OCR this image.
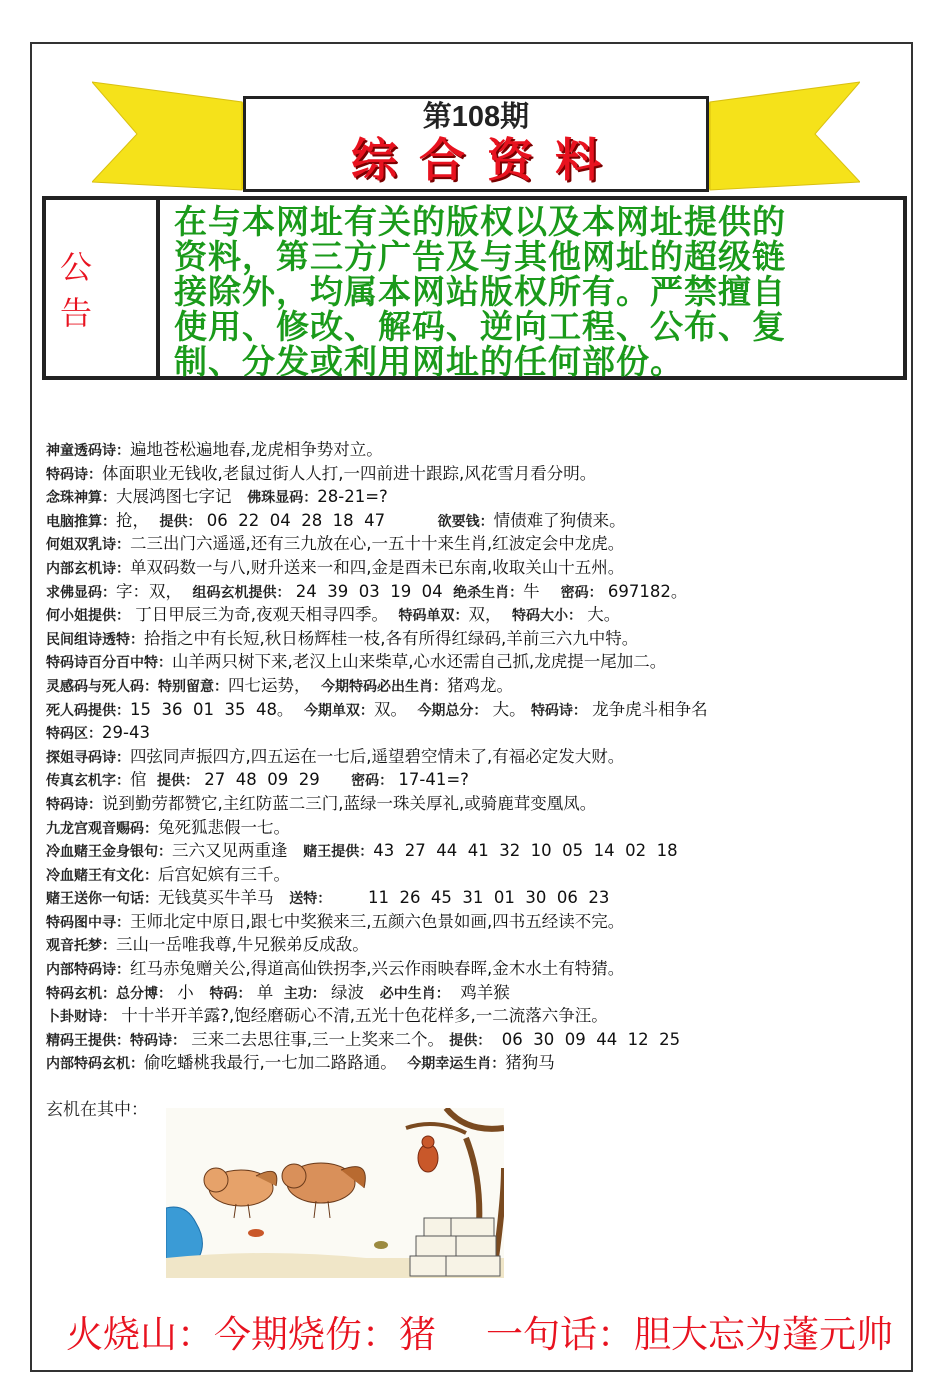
第108期
综合资料
公告
在与本网址有关的版权以及本网址提供的
资料，第三方广告及与其他网址的超级链
接除外，均属本网站版权所有。严禁擅自
使用、修改、解码、逆向工程、公布、复
制、分发或利用网址的任何部份。
神童透码诗：遍地苍松遍地春,龙虎相争势对立。
特码诗：体面职业无钱收,老鼠过街人人打,一四前进十跟踪,风花雪月看分明。
念珠神算：大展鸿图七字记   佛珠显码：28-21=?
电脑推算：抢，  提供： 06  22  04  28  18  47          欲要钱：情债难了狗债来。
何姐双乳诗：二三出门六遥遥,还有三九放在心,一五十十来生肖,红波定会中龙虎。
内部玄机诗：单双码数一与八,财升送来一和四,金是酉未已东南,收取关山十五州。
求佛显码：字：双，  组码玄机提供： 24  39  03  19  04  绝杀生肖：牛    密码： 697182。
何小姐提供： 丁日甲辰三为奇,夜观天相寻四季。  特码单双：双，  特码大小： 大。
民间组诗透特：拾指之中有长短,秋日杨辉桂一枝,各有所得红绿码,羊前三六九中特。
特码诗百分百中特：山羊两只树下来,老汉上山来柴草,心水还需自己抓,龙虎提一尾加二。
灵感码与死人码：特别留意：四七运势，  今期特码必出生肖：猪鸡龙。
死人码提供：15  36  01  35  48。  今期单双：双。  今期总分： 大。 特码诗： 龙争虎斗相争名
特码区：29-43
探姐寻码诗：四弦同声振四方,四五运在一七后,遥望碧空情未了,有福必定发大财。
传真玄机字：倌  提供： 27  48  09  29      密码： 17-41=?
特码诗：说到勤劳都赞它,主红防蓝二三门,蓝绿一珠关厚礼,或骑鹿茸变凰凤。
九龙宫观音赐码：兔死狐悲假一七。
冷血赌王金身银句：三六又见两重逢   赌王提供：43  27  44  41  32  10  05  14  02  18
冷血赌王有文化：后宫妃嫔有三千。
赌王送你一句话：无钱莫买牛羊马   送特：       11  26  45  31  01  30  06  23
特码图中寻：王师北定中原日,跟七中奖猴来三,五颜六色景如画,四书五经读不完。
观音托梦：三山一岳唯我尊,牛兄猴弟反成敌。
内部特码诗：红马赤兔赠关公,得道高仙铁拐李,兴云作雨映春晖,金木水土有特猜。
特码玄机：总分博： 小   特码： 单  主功： 绿波   必中生肖：  鸡羊猴
卜卦财诗： 十十半开羊露?,饱经磨砺心不清,五光十色花样多,一二流落六争汪。
精码王提供：特码诗： 三来二去思往事,三一上奖来二个。 提供：  06  30  09  44  12  25
内部特码玄机：偷吃蟠桃我最行,一七加二路路通。  今期幸运生肖：猪狗马
玄机在其中：
火烧山：今期烧伤：猪 一句话：胆大忘为蓬元帅
